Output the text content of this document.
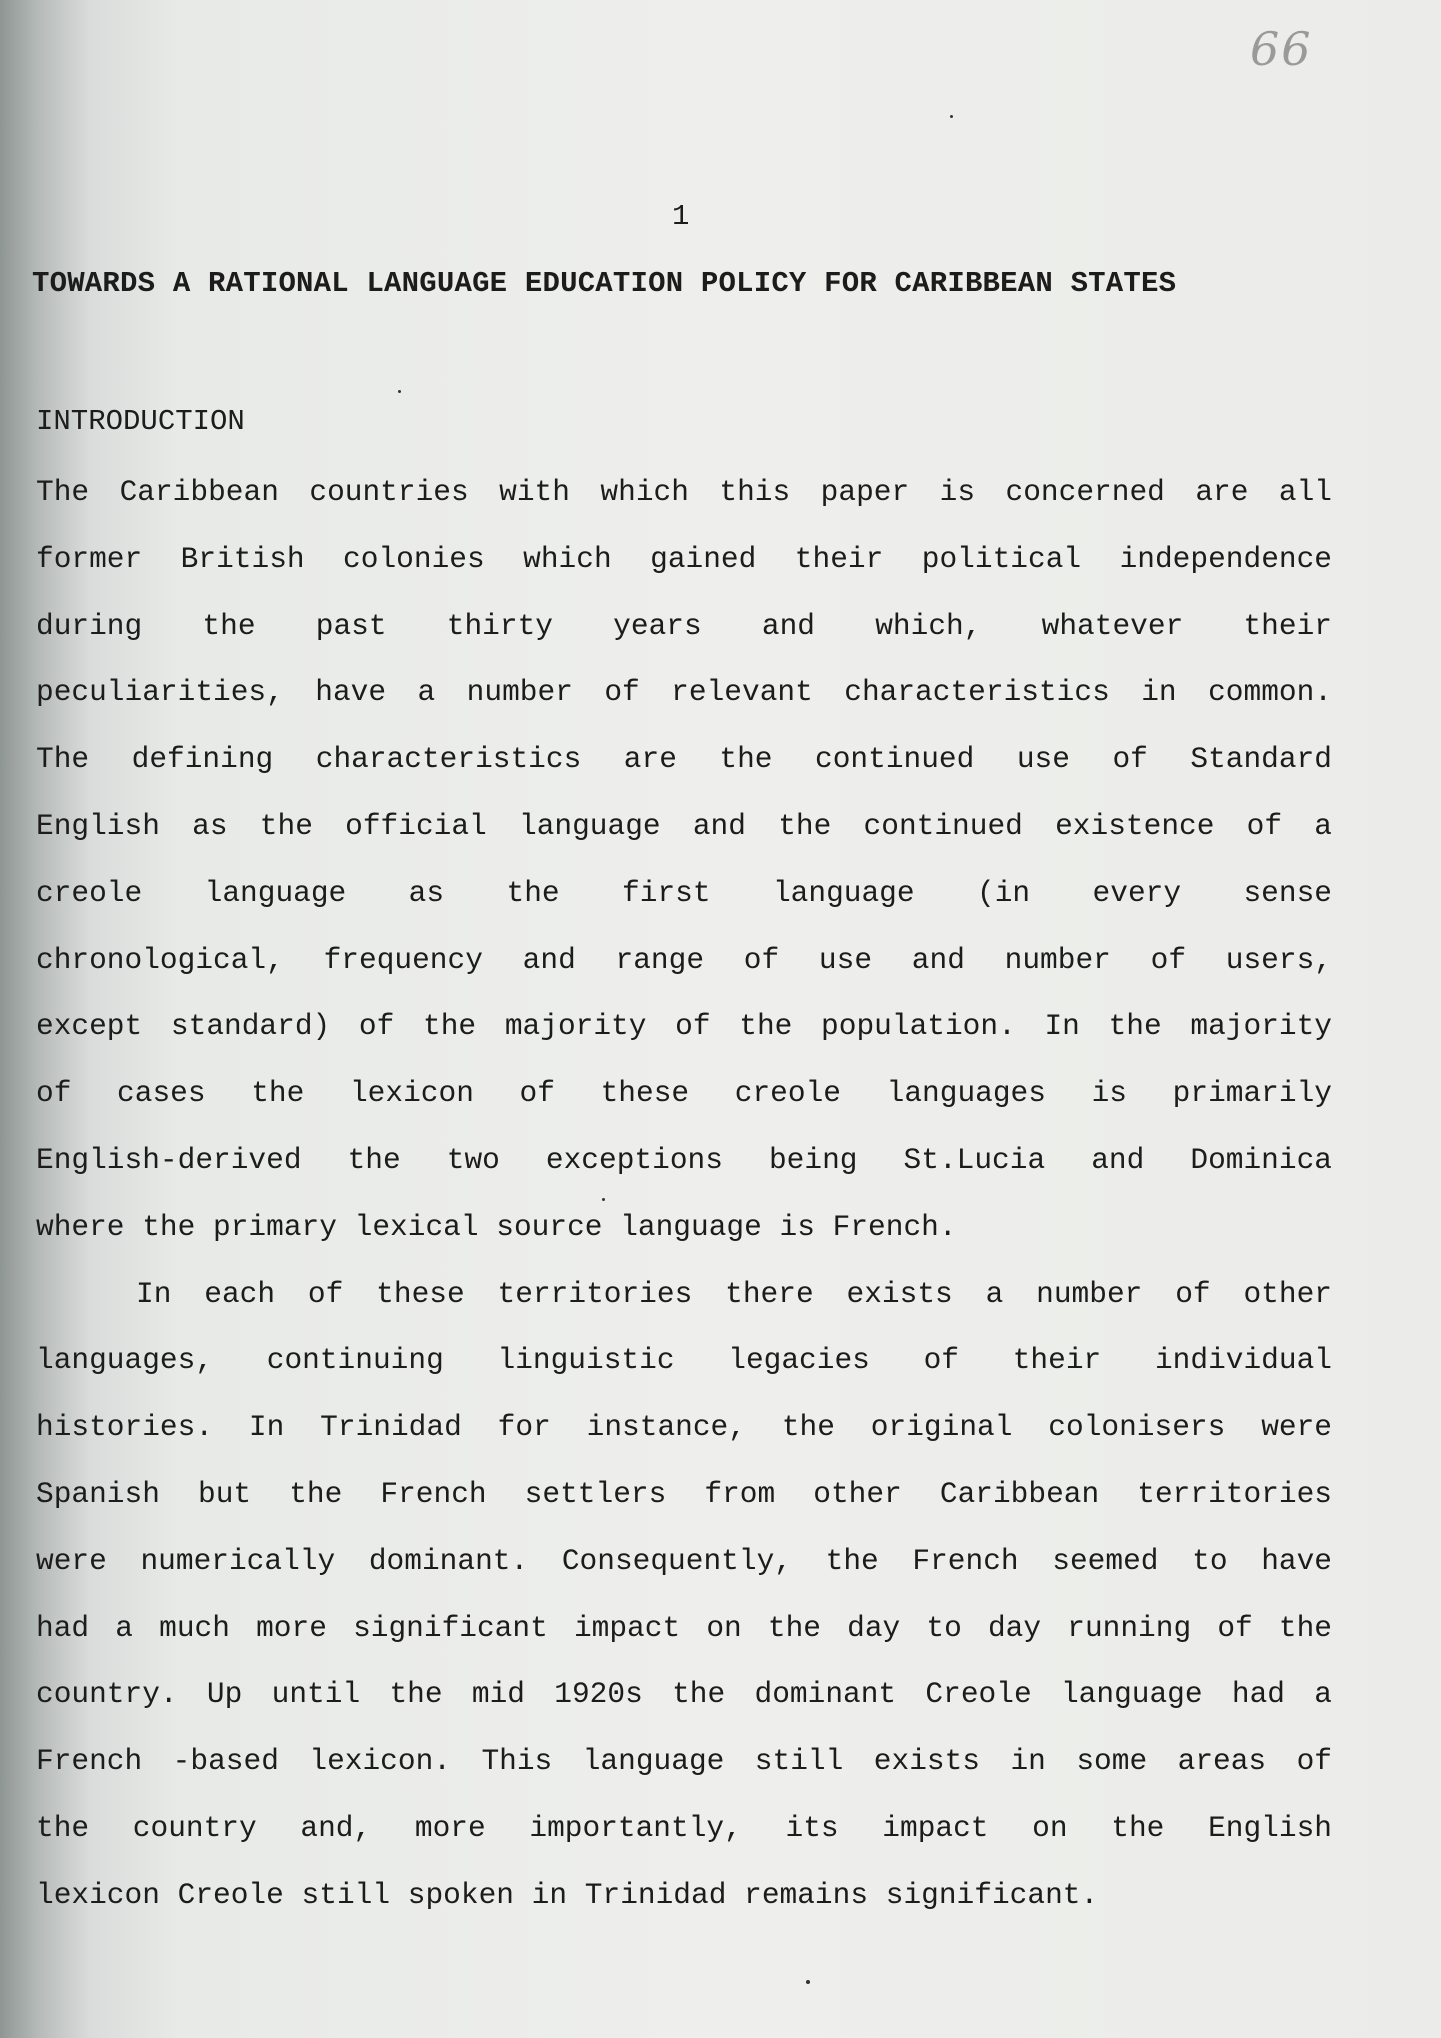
66
1
TOWARDS A RATIONAL LANGUAGE EDUCATION POLICY FOR CARIBBEAN STATES
INTRODUCTION
The Caribbean countries with which this paper is concerned are all
former British colonies which gained their political independence
during the past thirty years and which, whatever their
peculiarities, have a number of relevant characteristics in common.
The defining characteristics are the continued use of Standard
English as the official language and the continued existence of a
creole language as the first language (in every sense
chronological, frequency and range of use and number of users,
except standard) of the majority of the population. In the majority
of cases the lexicon of these creole languages is primarily
English-derived the two exceptions being St.Lucia and Dominica
where the primary lexical source language is French.
In each of these territories there exists a number of other
languages, continuing linguistic legacies of their individual
histories. In Trinidad for instance, the original colonisers were
Spanish but the French settlers from other Caribbean territories
were numerically dominant. Consequently, the French seemed to have
had a much more significant impact on the day to day running of the
country. Up until the mid 1920s the dominant Creole language had a
French -based lexicon. This language still exists in some areas of
the country and, more importantly, its impact on the English
lexicon Creole still spoken in Trinidad remains significant.
